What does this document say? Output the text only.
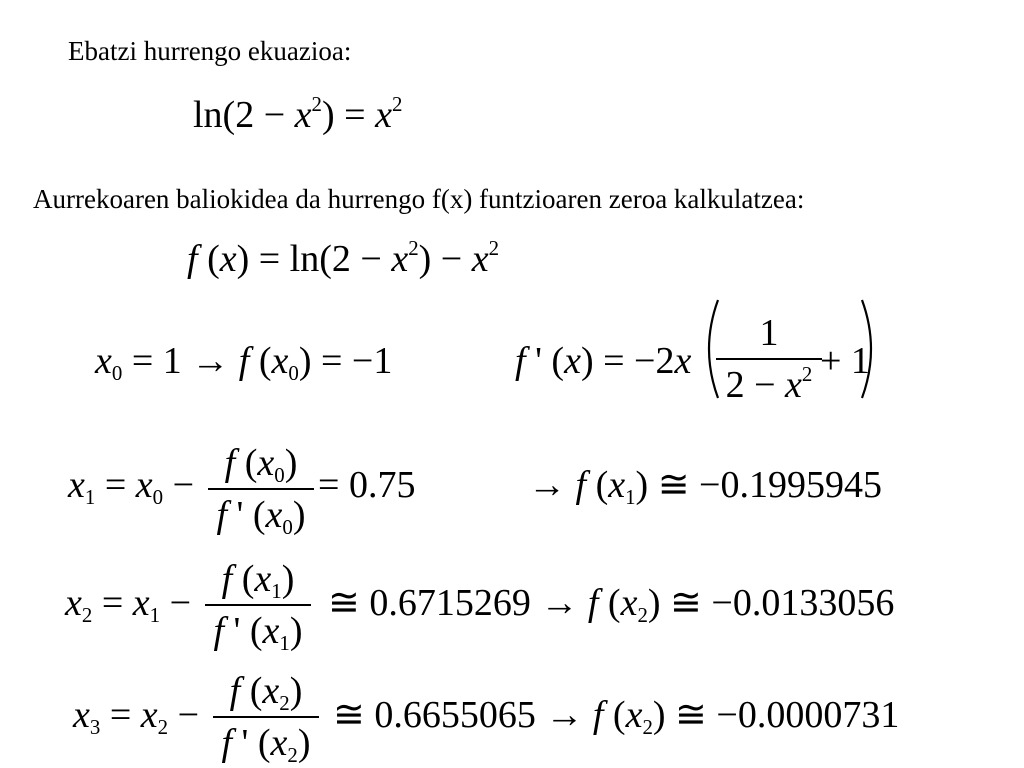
Ebatzi hurrengo ekuazioa:
$\ln(2 - x^2) = x^2$
Aurrekoaren baliokidea da hurrengo f(x) funtzioaren zeroa kalkulatzea:
f $(x) = \ln(2 - x^2) - x^2$
x0 = 1 → f (x0) = −1	f ' (x) = −2x
1
$2 - x^2 + 1$
x1 = x0 −
f (x0)
f ' (x0)
= 0.75	→ f (x1) ≅ −0.1995945
x2 = x1 −
f (x1)
f ' (x1)
≅ 0.6715269 → f (x2) ≅ −0.0133056
x3 = x2 −
f (x2)
f ' (x2)
≅ 0.6655065 → f (x2) ≅ −0.0000731
